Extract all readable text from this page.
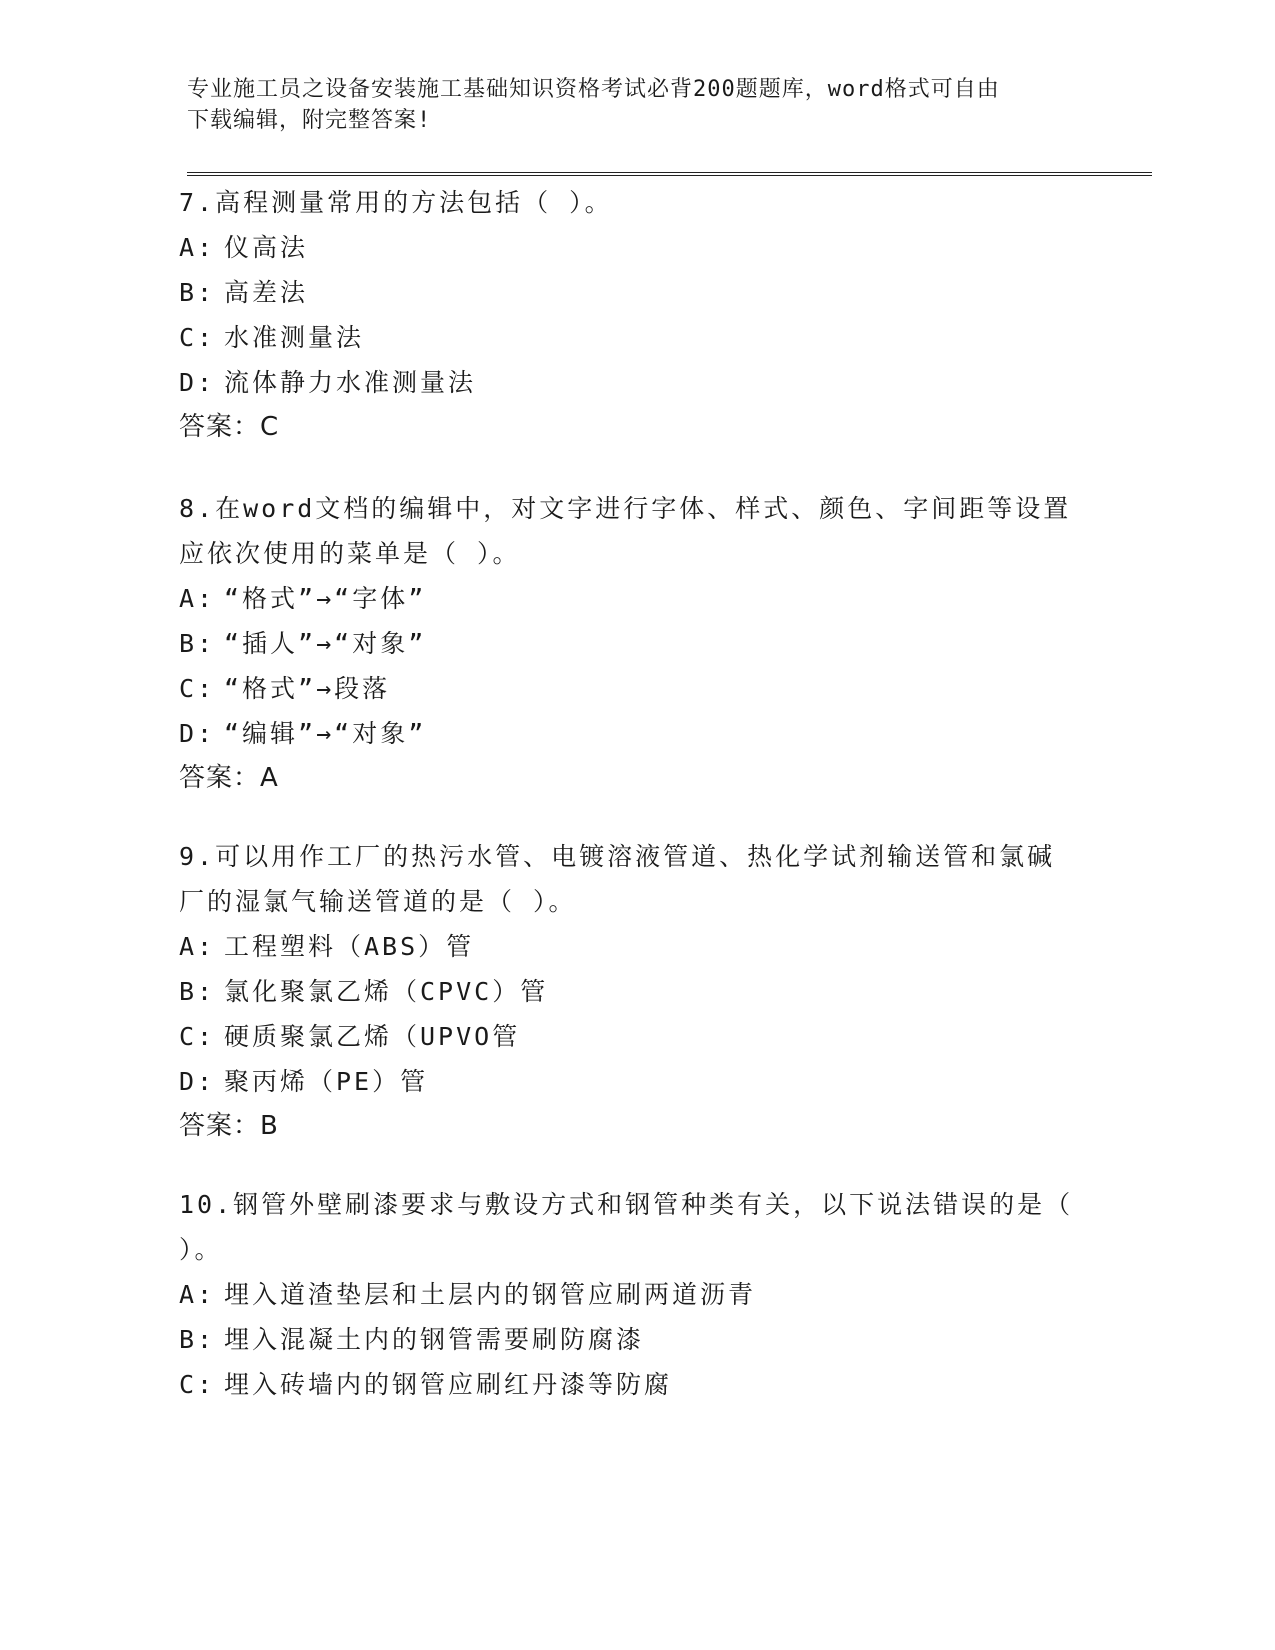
专业施工员之设备安装施工基础知识资格考试必背200题题库，word格式可自由

下载编辑，附完整答案!

7.高程测量常用的方法包括（ ）。

A: 仪高法

B: 高差法

C: 水准测量法

D: 流体静力水准测量法

答案：C

8.在word文档的编辑中，对文字进行字体、样式、颜色、字间距等设置应依次使用的菜单是（ ）。

A: “格式”→“字体”

B: “插人”→“对象”

C: “格式”→段落

D: “编辑”→“对象”

答案：A

9.可以用作工厂的热污水管、电镀溶液管道、热化学试剂输送管和氯碱厂的湿氯气输送管道的是（ ）。

A: 工程塑料（ABS）管

B: 氯化聚氯乙烯（CPVC）管

C: 硬质聚氯乙烯（UPVO管

D: 聚丙烯（PE）管

答案：B

10.钢管外壁刷漆要求与敷设方式和钢管种类有关，以下说法错误的是（ ）。

A: 埋入道渣垫层和土层内的钢管应刷两道沥青

B: 埋入混凝土内的钢管需要刷防腐漆

C: 埋入砖墙内的钢管应刷红丹漆等防腐
